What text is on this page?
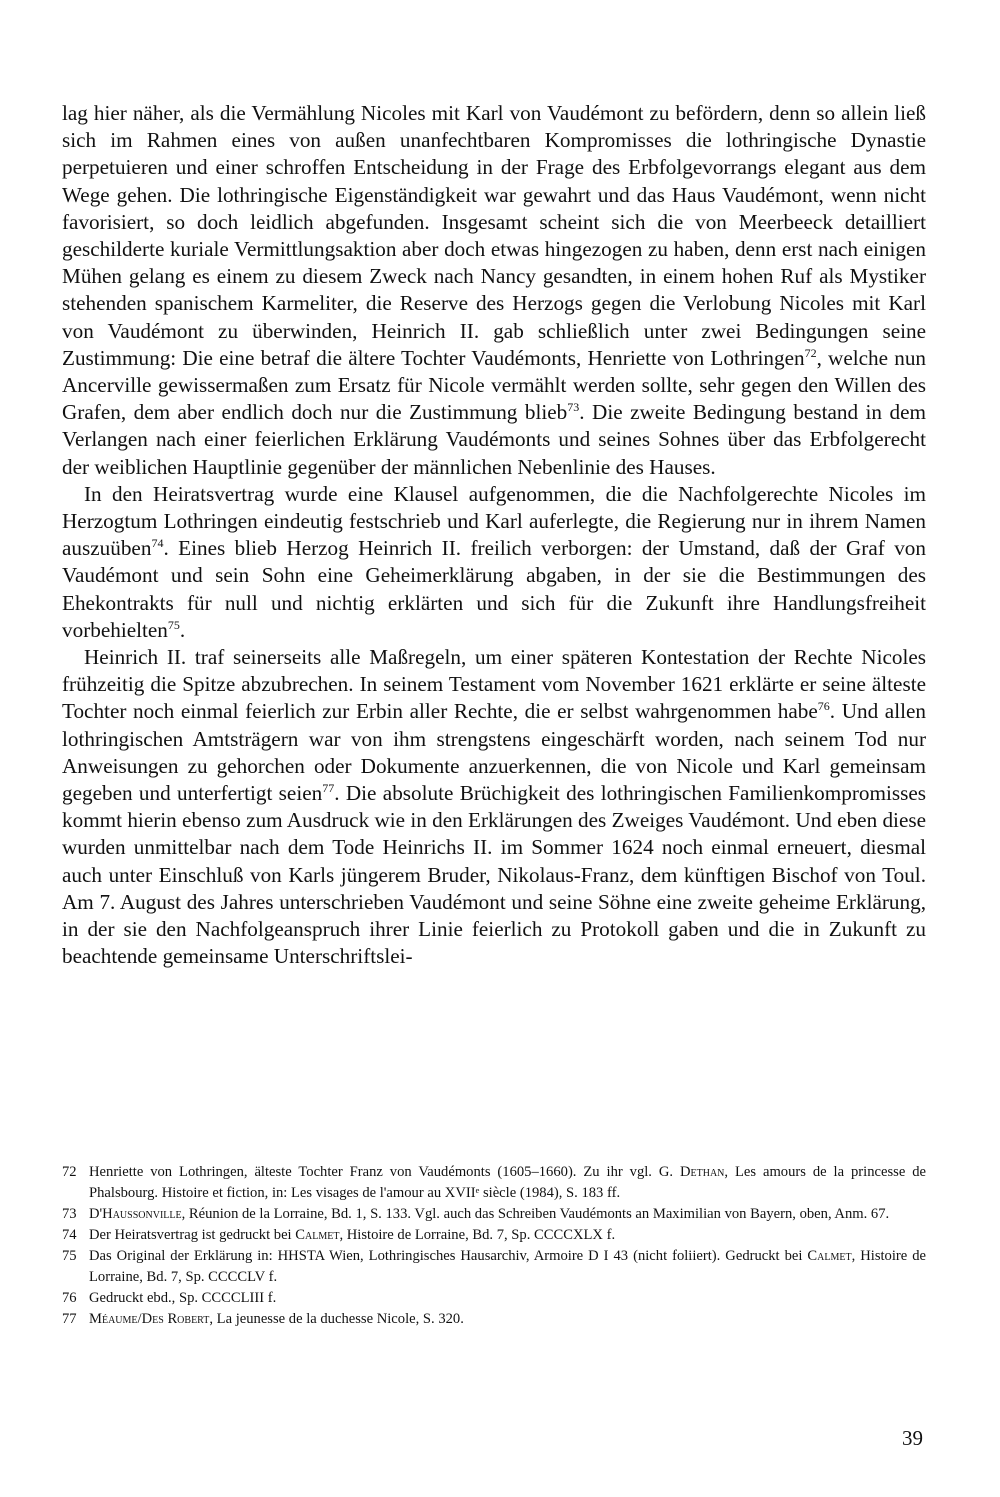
lag hier näher, als die Vermählung Nicoles mit Karl von Vaudémont zu befördern, denn so allein ließ sich im Rahmen eines von außen unanfechtbaren Kompromisses die lothringische Dynastie perpetuieren und einer schroffen Entscheidung in der Frage des Erbfolgevorrangs elegant aus dem Wege gehen. Die lothringische Eigenständigkeit war gewahrt und das Haus Vaudémont, wenn nicht favorisiert, so doch leidlich abgefunden. Insgesamt scheint sich die von Meerbeeck detailliert geschilderte kuriale Vermittlungsaktion aber doch etwas hingezogen zu haben, denn erst nach einigen Mühen gelang es einem zu diesem Zweck nach Nancy gesandten, in einem hohen Ruf als Mystiker stehenden spanischem Karmeliter, die Reserve des Herzogs gegen die Verlobung Nicoles mit Karl von Vaudémont zu überwinden, Heinrich II. gab schließlich unter zwei Bedingungen seine Zustimmung: Die eine betraf die ältere Tochter Vaudémonts, Henriette von Lothringen$^{72}$, welche nun Ancerville gewissermaßen zum Ersatz für Nicole vermählt werden sollte, sehr gegen den Willen des Grafen, dem aber endlich doch nur die Zustimmung blieb$^{73}$. Die zweite Bedingung bestand in dem Verlangen nach einer feierlichen Erklärung Vaudémonts und seines Sohnes über das Erbfolgerecht der weiblichen Hauptlinie gegenüber der männlichen Nebenlinie des Hauses.

In den Heiratsvertrag wurde eine Klausel aufgenommen, die die Nachfolgerechte Nicoles im Herzogtum Lothringen eindeutig festschrieb und Karl auferlegte, die Regierung nur in ihrem Namen auszuüben$^{74}$. Eines blieb Herzog Heinrich II. freilich verborgen: der Umstand, daß der Graf von Vaudémont und sein Sohn eine Geheimerklärung abgaben, in der sie die Bestimmungen des Ehekontrakts für null und nichtig erklärten und sich für die Zukunft ihre Handlungsfreiheit vorbehielten$^{75}$.

Heinrich II. traf seinerseits alle Maßregeln, um einer späteren Kontestation der Rechte Nicoles frühzeitig die Spitze abzubrechen. In seinem Testament vom November 1621 erklärte er seine älteste Tochter noch einmal feierlich zur Erbin aller Rechte, die er selbst wahrgenommen habe$^{76}$. Und allen lothringischen Amtsträgern war von ihm strengstens eingeschärft worden, nach seinem Tod nur Anweisungen zu gehorchen oder Dokumente anzuerkennen, die von Nicole und Karl gemeinsam gegeben und unterfertigt seien$^{77}$. Die absolute Brüchigkeit des lothringischen Familienkompromisses kommt hierin ebenso zum Ausdruck wie in den Erklärungen des Zweiges Vaudémont. Und eben diese wurden unmittelbar nach dem Tode Heinrichs II. im Sommer 1624 noch einmal erneuert, diesmal auch unter Einschluß von Karls jüngerem Bruder, Nikolaus-Franz, dem künftigen Bischof von Toul. Am 7. August des Jahres unterschrieben Vaudémont und seine Söhne eine zweite geheime Erklärung, in der sie den Nachfolgeanspruch ihrer Linie feierlich zu Protokoll gaben und die in Zukunft zu beachtende gemeinsame Unterschriftslei-

72 Henriette von Lothringen, älteste Tochter Franz von Vaudémonts (1605–1660). Zu ihr vgl. G. Dethan, Les amours de la princesse de Phalsbourg. Histoire et fiction, in: Les visages de l'amour au XVIIᵉ siècle (1984), S. 183 ff.
73 D'Haussonville, Réunion de la Lorraine, Bd. 1, S. 133. Vgl. auch das Schreiben Vaudémonts an Maximilian von Bayern, oben, Anm. 67.
74 Der Heiratsvertrag ist gedruckt bei Calmet, Histoire de Lorraine, Bd. 7, Sp. CCCCXLX f.
75 Das Original der Erklärung in: HHSTA Wien, Lothringisches Hausarchiv, Armoire D I 43 (nicht foliiert). Gedruckt bei Calmet, Histoire de Lorraine, Bd. 7, Sp. CCCCLV f.
76 Gedruckt ebd., Sp. CCCCLIII f.
77 Méaume/Des Robert, La jeunesse de la duchesse Nicole, S. 320.
39
